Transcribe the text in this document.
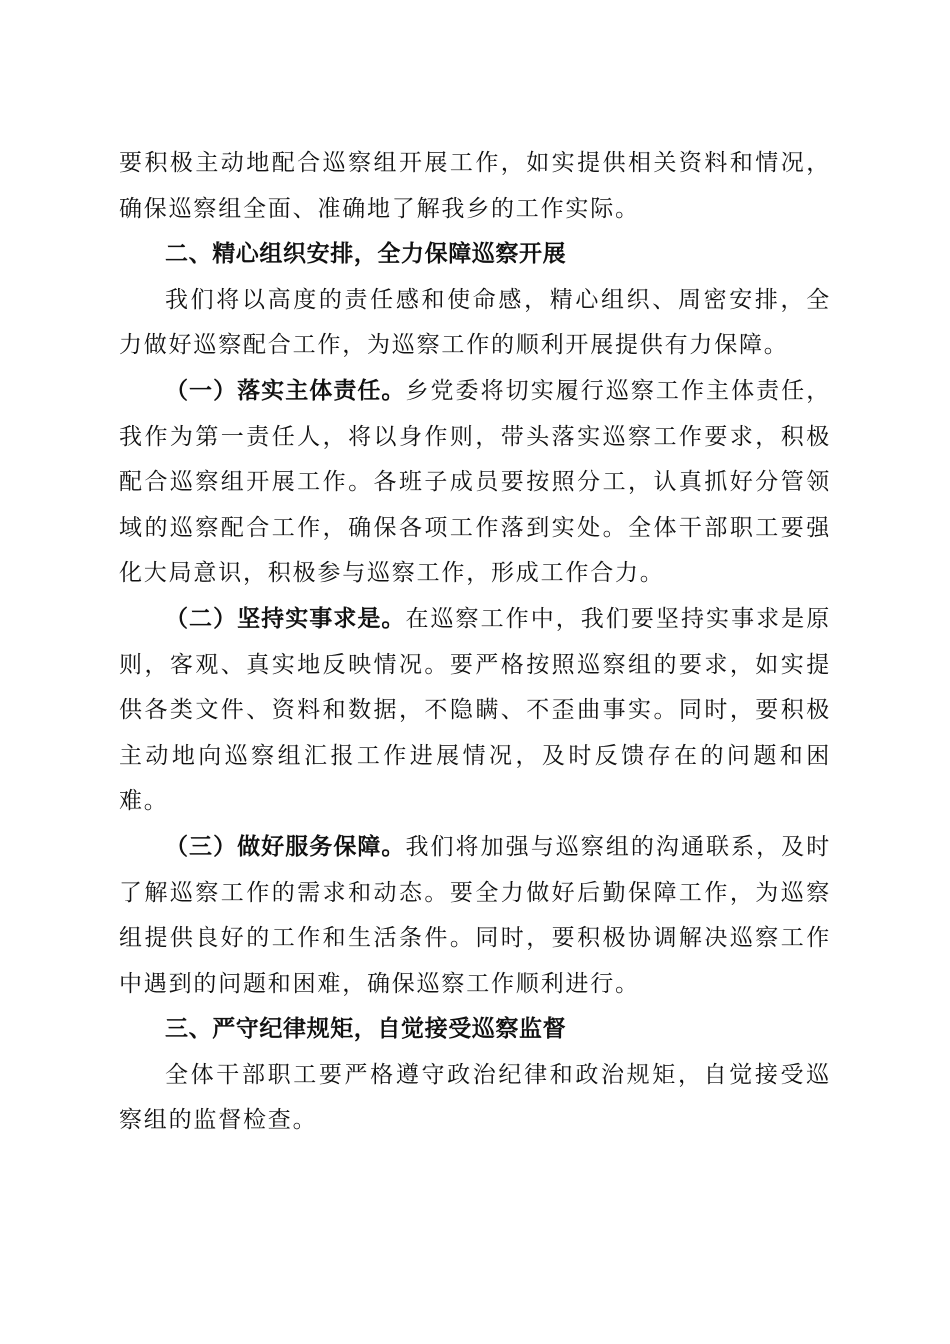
要积极主动地配合巡察组开展工作，如实提供相关资料和情况，确保巡察组全面、准确地了解我乡的工作实际。

二、精心组织安排，全力保障巡察开展

我们将以高度的责任感和使命感，精心组织、周密安排，全力做好巡察配合工作，为巡察工作的顺利开展提供有力保障。

（一）落实主体责任。乡党委将切实履行巡察工作主体责任，我作为第一责任人，将以身作则，带头落实巡察工作要求，积极配合巡察组开展工作。各班子成员要按照分工，认真抓好分管领域的巡察配合工作，确保各项工作落到实处。全体干部职工要强化大局意识，积极参与巡察工作，形成工作合力。

（二）坚持实事求是。在巡察工作中，我们要坚持实事求是原则，客观、真实地反映情况。要严格按照巡察组的要求，如实提供各类文件、资料和数据，不隐瞒、不歪曲事实。同时，要积极主动地向巡察组汇报工作进展情况，及时反馈存在的问题和困难。

（三）做好服务保障。我们将加强与巡察组的沟通联系，及时了解巡察工作的需求和动态。要全力做好后勤保障工作，为巡察组提供良好的工作和生活条件。同时，要积极协调解决巡察工作中遇到的问题和困难，确保巡察工作顺利进行。

三、严守纪律规矩，自觉接受巡察监督

全体干部职工要严格遵守政治纪律和政治规矩，自觉接受巡察组的监督检查。
